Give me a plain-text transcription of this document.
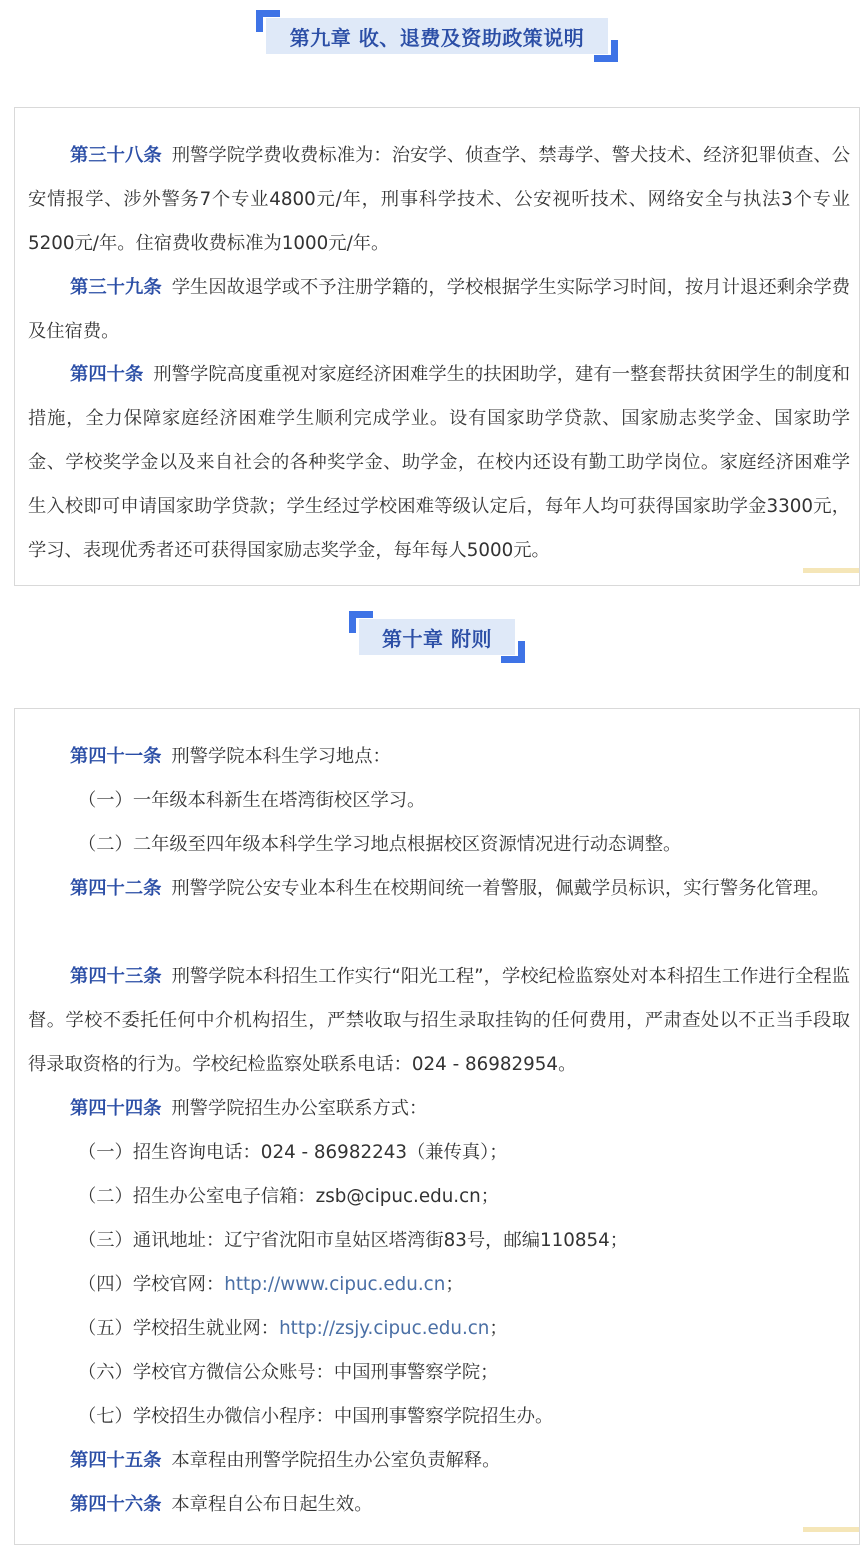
第九章 收、退费及资助政策说明
第三十八条 刑警学院学费收费标准为：治安学、侦查学、禁毒学、警犬技术、经济犯罪侦查、公安情报学、涉外警务7个专业4800元/年，刑事科学技术、公安视听技术、网络安全与执法3个专业5200元/年。住宿费收费标准为1000元/年。
第三十九条 学生因故退学或不予注册学籍的，学校根据学生实际学习时间，按月计退还剩余学费及住宿费。
第四十条 刑警学院高度重视对家庭经济困难学生的扶困助学，建有一整套帮扶贫困学生的制度和措施，全力保障家庭经济困难学生顺利完成学业。设有国家助学贷款、国家励志奖学金、国家助学金、学校奖学金以及来自社会的各种奖学金、助学金，在校内还设有勤工助学岗位。家庭经济困难学生入校即可申请国家助学贷款；学生经过学校困难等级认定后，每年人均可获得国家助学金3300元，学习、表现优秀者还可获得国家励志奖学金，每年每人5000元。
第十章 附则
第四十一条 刑警学院本科生学习地点：
（一）一年级本科新生在塔湾街校区学习。
（二）二年级至四年级本科学生学习地点根据校区资源情况进行动态调整。
第四十二条 刑警学院公安专业本科生在校期间统一着警服，佩戴学员标识，实行警务化管理。
第四十三条 刑警学院本科招生工作实行“阳光工程”，学校纪检监察处对本科招生工作进行全程监督。学校不委托任何中介机构招生，严禁收取与招生录取挂钩的任何费用，严肃查处以不正当手段取得录取资格的行为。学校纪检监察处联系电话：024 - 86982954。
第四十四条 刑警学院招生办公室联系方式：
（一）招生咨询电话：024 - 86982243（兼传真）；
（二）招生办公室电子信箱：zsb@cipuc.edu.cn；
（三）通讯地址：辽宁省沈阳市皇姑区塔湾街83号，邮编110854；
（四）学校官网：http://www.cipuc.edu.cn；
（五）学校招生就业网：http://zsjy.cipuc.edu.cn；
（六）学校官方微信公众账号：中国刑事警察学院；
（七）学校招生办微信小程序：中国刑事警察学院招生办。
第四十五条 本章程由刑警学院招生办公室负责解释。
第四十六条 本章程自公布日起生效。
